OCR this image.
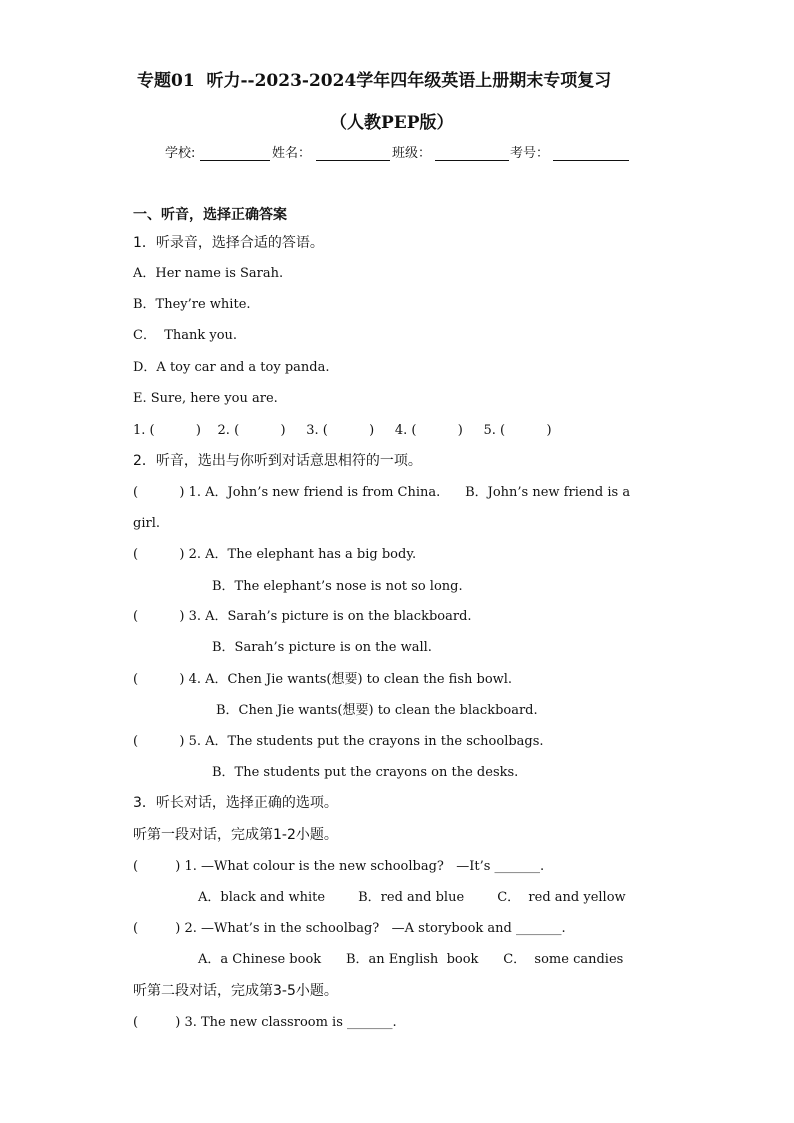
专题01  听力--2023-2024学年四年级英语上册期末专项复习
（人教PEP版）
学校:	姓名：	班级：	考号：
一、听音，选择正确答案
1．听录音，选择合适的答语。
A．Her name is Sarah.
B．They’re white.
C．  Thank you.
D．A toy car and a toy panda.
E. Sure, here you are.
1. (          )    2. (          )     3. (          )     4. (          )     5. (          )
2．听音，选出与你听到对话意思相符的一项。
(          ) 1. A．John’s new friend is from China.      B．John’s new friend is a
girl.
(          ) 2. A．The elephant has a big body.
B．The elephant’s nose is not so long.
(          ) 3. A．Sarah’s picture is on the blackboard.
B．Sarah’s picture is on the wall.
(          ) 4. A．Chen Jie wants(想要) to clean the fish bowl.
B．Chen Jie wants(想要) to clean the blackboard.
(          ) 5. A．The students put the crayons in the schoolbags.
B．The students put the crayons on the desks.
3．听长对话，选择正确的选项。
听第一段对话，完成第1-2小题。
(         ) 1. —What colour is the new schoolbag?   —It’s _______.
A．black and white        B．red and blue        C．  red and yellow
(         ) 2. —What’s in the schoolbag?   —A storybook and _______.
A．a Chinese book      B．an English  book      C．  some candies
听第二段对话，完成第3-5小题。
(         ) 3. The new classroom is _______.
